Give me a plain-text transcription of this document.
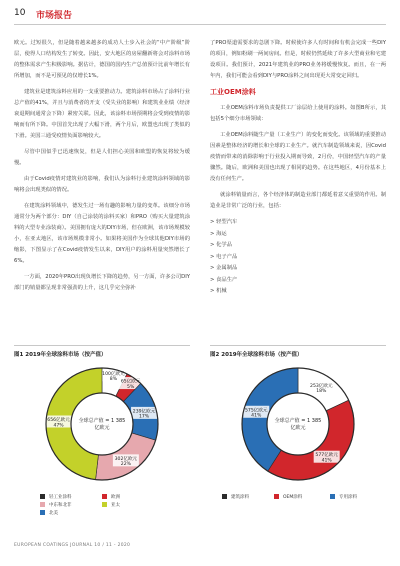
10 市场报告

欧元。过短很久，但是随着越来越多的成功人士步入社会的“中产阶级”阶层，使得人口结构发生了转变。因此，安大地区的房屋翻新将会对涂料市场的整体需求产生积极影响。据估计，德国的国内生产总值预计比前年增长有所增加，而不是可预见的仅增长1%。

建筑业是建筑涂料应用的一支重要推动力。建筑涂料市场占了涂料行业总产值的41%，并且与消费者的开支（受失业的影响）和建筑业业绩（经济衰退期间通常会下降）紧密关联。因此，该涂料市场预期将会受到疫情的影响而有所下降。中国首先出现了大幅下滑，两个月后，欧盟也出现了类似的下滑。美国三通受疫情负面影响较大。

尽管中国似乎已迅速恢复，但是人们担心美国和欧盟的恢复将较为缓慢。

由于Covid疫情对建筑业的影响，我们认为涂料行业建筑涂料领域的影响将会出现类似的情况。

在建筑涂料领域中，德发生过一场有趣的影响力量的变革。该细分市场通常分为两个部分：DIY（自己涂装的涂料买家）和PRO（购买大量建筑涂料的大型专业涂装商）。美国拥有庞大的DIY市场，但在欧洲，该市场规模较小，在亚太地区，该市场规模非常小。如果将美国作为全球其他DIY市场的缩影，下图显示了在Covid疫情发生以来，DIY用户的涂料用量突然增长了6%。

一方面，2020年PRO出现负增长下降的趋势，另一方面，许多公司DIY部门的销量都呈现非常强劲的上升，这几乎完全弥补

了PRO渠道需要求的急剧下降。时候使许多人有时间和有机会完成一些DIY的项目，例如粉刷一两间房间。但是，时候仍然延续了许多大型商业和宅建设项目。我们预计，2021年建筑业的PRO业务将缓慢恢复。而且，在一两年内，我们可能会看到DIY与PRO涂料之间出现更大常变定回归。

工业OEM涂料

工业OEM涂料市场负责提供工厂涂层给上使用的涂料。如图B所示，其包括5个细分市场领域：

工业OEM涂料随生产量（工业生产）的变化而变化。该领域的重要推动因素是整体经济的增长和全球的工业生产。就汽车制造领域来说，因Covid疫情而带来的消除影响于行业投入期而导致，2月份，中国轻型汽车的产量骤然。随后，欧洲和美国也出现了相同的趋势。在这些地区，4月份基本上没有任何生产。

就涂料销量而言，各个经济体的制造业部门都延着意义重要的作用。制造业是非常广泛的行业，包括：

> 轻型汽车
> 海运
> 化学品
> 电子产品
> 金属制品
> 食品生产
> 机械
图1 2019年全球涂料市场（按产值）	图2 2019年全球涂料市场（按产值）
100亿欧元
8% 65亿欧元
5%
239亿欧元
17%
302亿欧元
22%
656亿欧元
47%
全球总产值 = 1 385
亿欧元
轻工业涂料	欧洲
中东和北非	亚太
北美
253亿欧元
18%
577亿欧元
41%
575亿欧元
41%
全球总产值 = 1 385
亿欧元
建筑涂料	OEM涂料	专用涂料
EUROPEAN COATINGS JOURNAL 10 / 11 - 2020
